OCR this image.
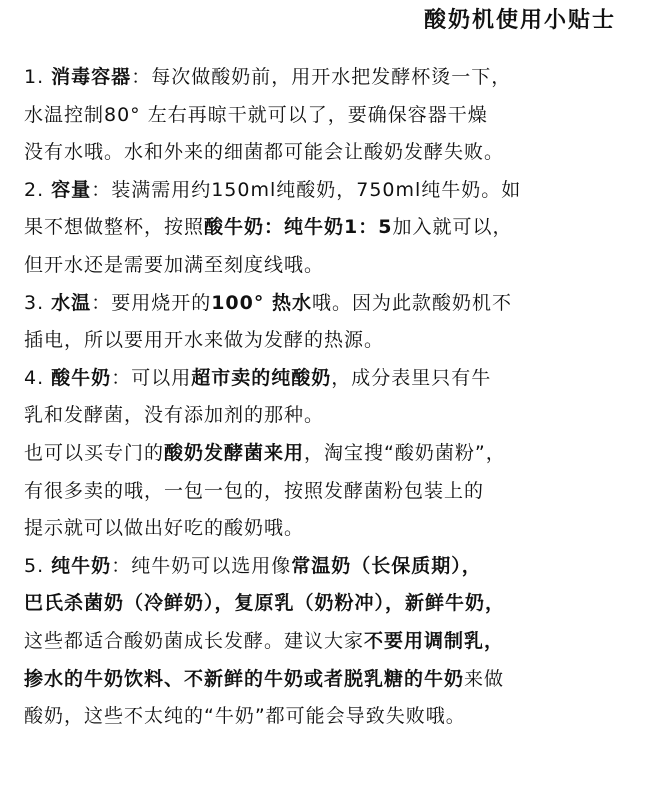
酸奶机使用小贴士
1. 消毒容器：每次做酸奶前，用开水把发酵杯烫一下，
水温控制80° 左右再晾干就可以了，要确保容器干燥
没有水哦。水和外来的细菌都可能会让酸奶发酵失败。
2. 容量：装满需用约150ml纯酸奶，750ml纯牛奶。如
果不想做整杯，按照酸牛奶：纯牛奶1：5加入就可以，
但开水还是需要加满至刻度线哦。
3. 水温：要用烧开的100° 热水哦。因为此款酸奶机不
插电，所以要用开水来做为发酵的热源。
4. 酸牛奶：可以用超市卖的纯酸奶，成分表里只有牛
乳和发酵菌，没有添加剂的那种。
也可以买专门的酸奶发酵菌来用，淘宝搜“酸奶菌粉”，
有很多卖的哦，一包一包的，按照发酵菌粉包装上的
提示就可以做出好吃的酸奶哦。
5. 纯牛奶：纯牛奶可以选用像常温奶（长保质期），
巴氏杀菌奶（冷鲜奶），复原乳（奶粉冲），新鲜牛奶，
这些都适合酸奶菌成长发酵。建议大家不要用调制乳，
掺水的牛奶饮料、不新鲜的牛奶或者脱乳糖的牛奶来做
酸奶，这些不太纯的“牛奶”都可能会导致失败哦。
